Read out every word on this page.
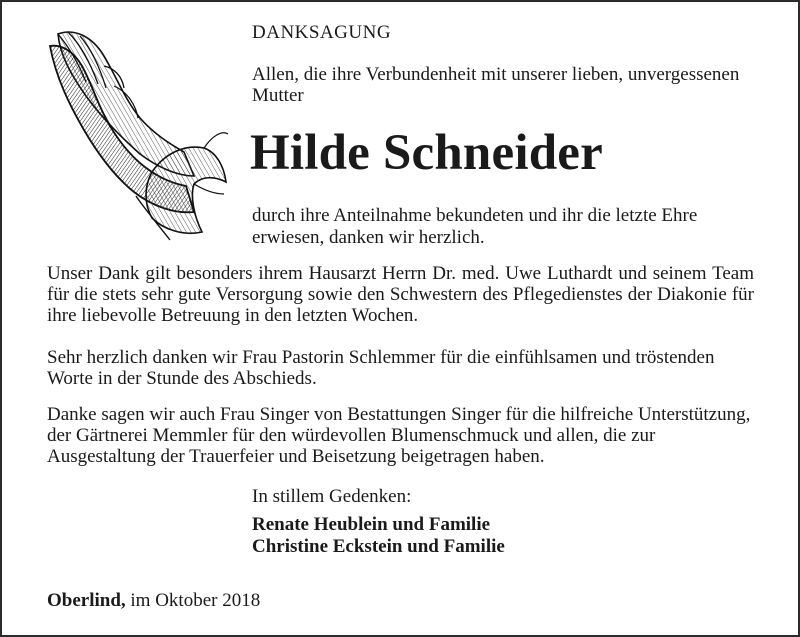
DANKSAGUNG

Allen, die ihre Verbundenheit mit unserer lieben, unvergessenen Mutter

Hilde Schneider

durch ihre Anteilnahme bekundeten und ihr die letzte Ehre erwiesen, danken wir herzlich.

Unser Dank gilt besonders ihrem Hausarzt Herrn Dr. med. Uwe Luthardt und seinem Team für die stets sehr gute Versorgung sowie den Schwestern des Pflegedienstes der Diakonie für ihre liebevolle Betreuung in den letzten Wochen.

Sehr herzlich danken wir Frau Pastorin Schlemmer für die einfühlsamen und tröstenden Worte in der Stunde des Abschieds.

Danke sagen wir auch Frau Singer von Bestattungen Singer für die hilfreiche Unterstützung, der Gärtnerei Memmler für den würdevollen Blumenschmuck und allen, die zur Ausgestaltung der Trauerfeier und Beisetzung beigetragen haben.

In stillem Gedenken:

Renate Heublein und Familie

Christine Eckstein und Familie

Oberlind, im Oktober 2018
